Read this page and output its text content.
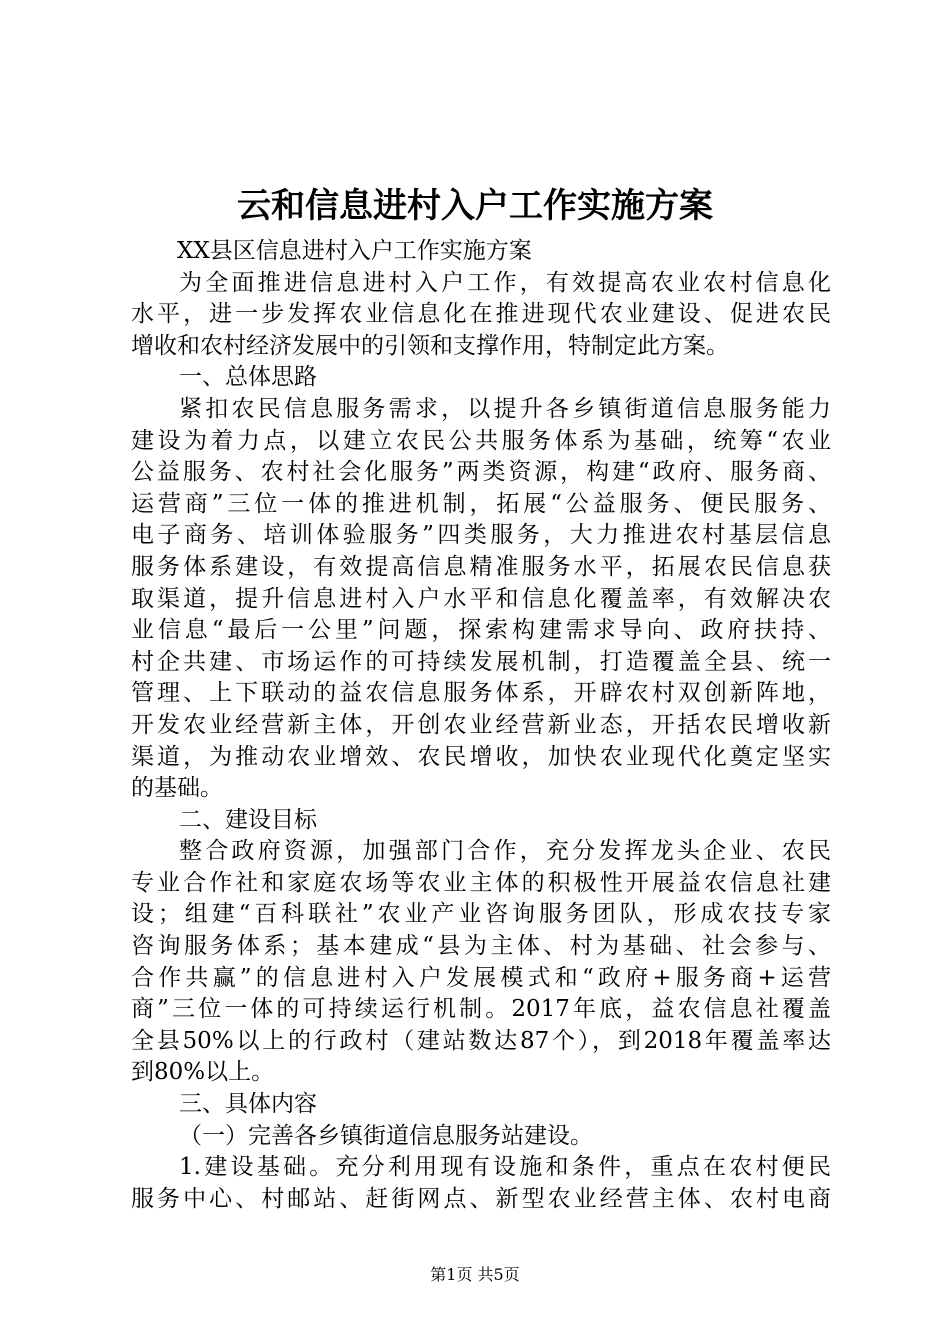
云和信息进村入户工作实施方案
XX县区信息进村入户工作实施方案
为全面推进信息进村入户工作，有效提高农业农村信息化
水平，进一步发挥农业信息化在推进现代农业建设、促进农民
增收和农村经济发展中的引领和支撑作用，特制定此方案。
一、总体思路
紧扣农民信息服务需求，以提升各乡镇街道信息服务能力
建设为着力点，以建立农民公共服务体系为基础，统筹“农业
公益服务、农村社会化服务”两类资源，构建“政府、服务商、
运营商”三位一体的推进机制，拓展“公益服务、便民服务、
电子商务、培训体验服务”四类服务，大力推进农村基层信息
服务体系建设，有效提高信息精准服务水平，拓展农民信息获
取渠道，提升信息进村入户水平和信息化覆盖率，有效解决农
业信息“最后一公里”问题，探索构建需求导向、政府扶持、
村企共建、市场运作的可持续发展机制，打造覆盖全县、统一
管理、上下联动的益农信息服务体系，开辟农村双创新阵地，
开发农业经营新主体，开创农业经营新业态，开括农民增收新
渠道，为推动农业增效、农民增收，加快农业现代化奠定坚实
的基础。
二、建设目标
整合政府资源，加强部门合作，充分发挥龙头企业、农民
专业合作社和家庭农场等农业主体的积极性开展益农信息社建
设；组建“百科联社”农业产业咨询服务团队，形成农技专家
咨询服务体系；基本建成“县为主体、村为基础、社会参与、
合作共赢”的信息进村入户发展模式和“政府+服务商+运营
商”三位一体的可持续运行机制。2017年底，益农信息社覆盖
全县50%以上的行政村（建站数达87个），到2018年覆盖率达
到80%以上。
三、具体内容
（一）完善各乡镇街道信息服务站建设。
1.建设基础。充分利用现有设施和条件，重点在农村便民
服务中心、村邮站、赶街网点、新型农业经营主体、农村电商
第1页 共5页
